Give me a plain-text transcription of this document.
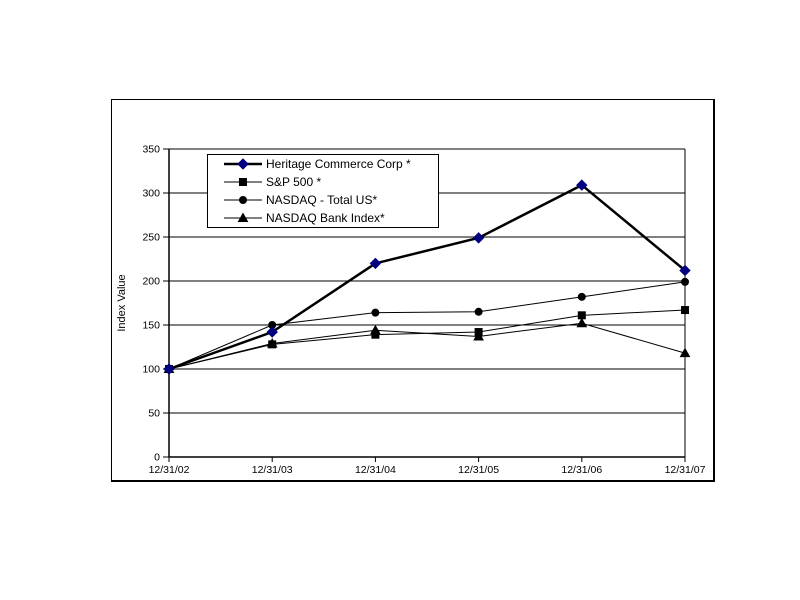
0
50
100
150
200
250
300
350
12/31/02	12/31/03	12/31/04	12/31/05	12/31/06	12/31/07
Index Value
Heritage Commerce Corp *
S&P 500 *
NASDAQ - Total US*
NASDAQ Bank Index*
